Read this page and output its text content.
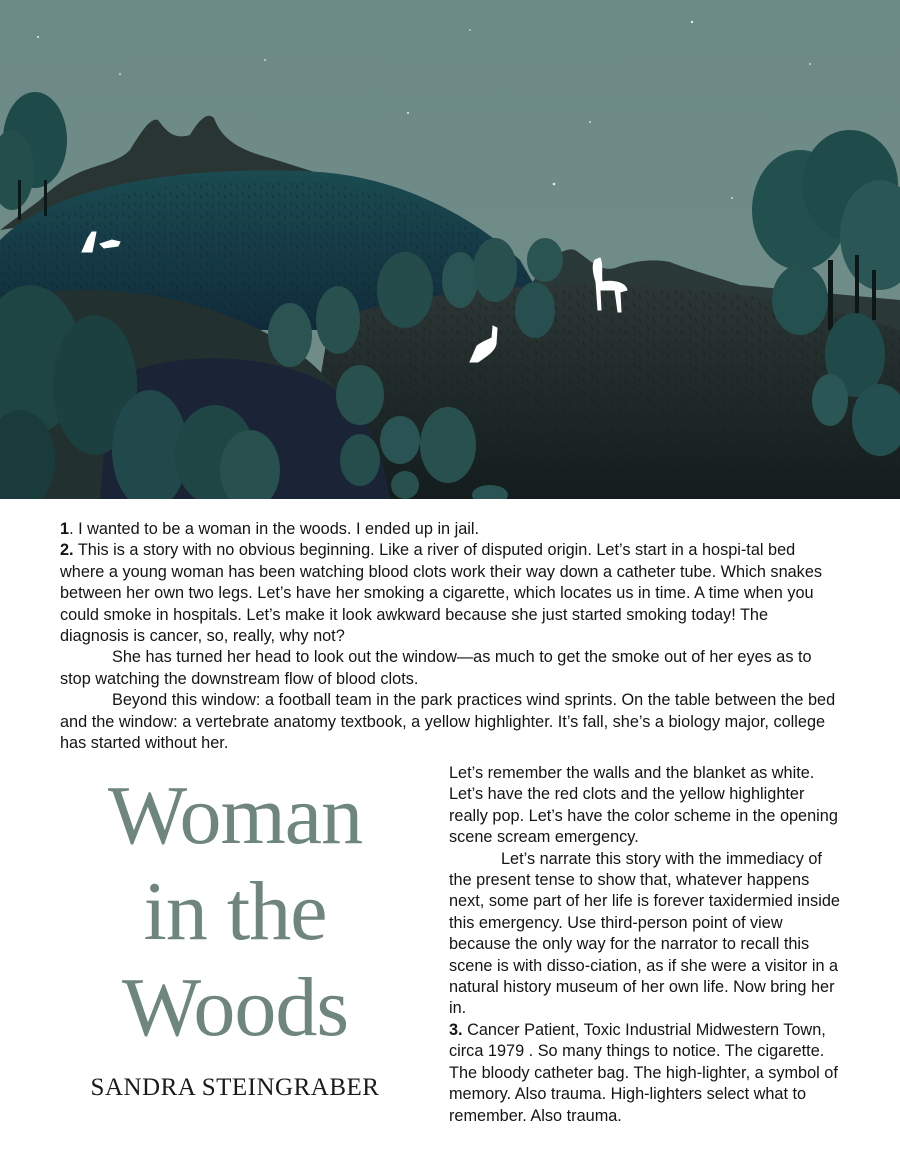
1. I wanted to be a woman in the woods. I ended up in jail.

2. This is a story with no obvious beginning. Like a river of disputed origin. Let’s start in a hospi-tal bed where a young woman has been watching blood clots work their way down a catheter tube. Which snakes between her own two legs. Let’s have her smoking a cigarette, which locates us in time. A time when you could smoke in hospitals. Let’s make it look awkward because she just started smoking today! The diagnosis is cancer, so, really, why not?

She has turned her head to look out the window—as much to get the smoke out of her eyes as to stop watching the downstream flow of blood clots.

Beyond this window: a football team in the park practices wind sprints. On the table between the bed and the window: a vertebrate anatomy textbook, a yellow highlighter. It’s fall, she’s a biology major, college has started without her.

Woman
in the
Woods
SANDRA STEINGRABER

Let’s remember the walls and the blanket as white. Let’s have the red clots and the yellow highlighter really pop. Let’s have the color scheme in the opening scene scream emergency.

Let’s narrate this story with the immediacy of the present tense to show that, whatever happens next, some part of her life is forever taxidermied inside this emergency. Use third-person point of view because the only way for the narrator to recall this scene is with disso-ciation, as if she were a visitor in a natural history museum of her own life. Now bring her in.

3. Cancer Patient, Toxic Industrial Midwestern Town, circa 1979 . So many things to notice. The cigarette. The bloody catheter bag. The high-lighter, a symbol of memory. Also trauma. High-lighters select what to remember. Also trauma.
